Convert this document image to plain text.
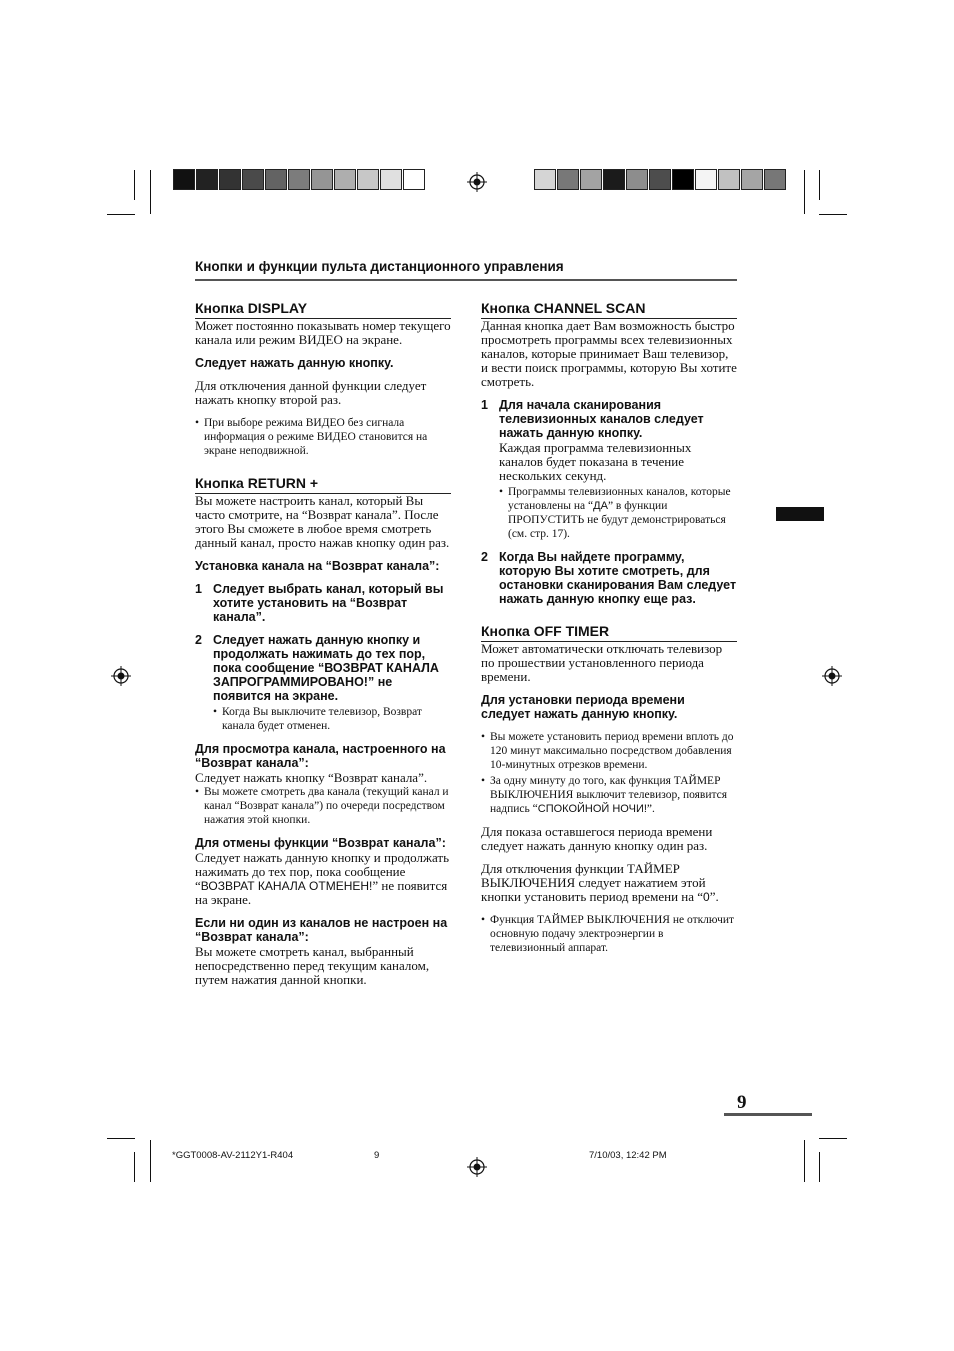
Кнопки и функции пульта дистанционного управления

Кнопка DISPLAY

Может постоянно показывать номер текущего канала или режим ВИДЕО на экране.

Следует нажать данную кнопку.

Для отключения данной функции следует нажать кнопку второй раз.

• При выборе режима ВИДЕО без сигнала информация о режиме ВИДЕО становится на экране неподвижной.

Кнопка RETURN +

Вы можете настроить канал, который Вы часто смотрите, на “Возврат канала”. После этого Вы сможете в любое время смотреть данный канал, просто нажав кнопку один раз.

Установка канала на “Возврат канала”:

1 Следует выбрать канал, который вы хотите установить на “Возврат канала”.
2 Следует нажать данную кнопку и продолжать нажимать до тех пор, пока сообщение “ВОЗВРАТ КАНАЛА ЗАПРОГРАММИРОВАНО!” не появится на экране.
• Когда Вы выключите телевизор, Возврат канала будет отменен.

Для просмотра канала, настроенного на “Возврат канала”:

Следует нажать кнопку “Возврат канала”.

• Вы можете смотреть два канала (текущий канал и канал “Возврат канала”) по очереди посредством нажатия этой кнопки.

Для отмены функции “Возврат канала”:

Следует нажать данную кнопку и продолжать нажимать до тех пор, пока сообщение “ВОЗВРАТ КАНАЛА ОТМЕНЕН!” не появится на экране.

Если ни один из каналов не настроен на “Возврат канала”:

Вы можете смотреть канал, выбранный непосредственно перед текущим каналом, путем нажатия данной кнопки.

Кнопка CHANNEL SCAN

Данная кнопка дает Вам возможность быстро просмотреть программы всех телевизионных каналов, которые принимает Ваш телевизор, и вести поиск программы, которую Вы хотите смотреть.

1 Для начала сканирования телевизионных каналов следует нажать данную кнопку.

Каждая программа телевизионных каналов будет показана в течение нескольких секунд.

• Программы телевизионных каналов, которые установлены на “ДА” в функции ПРОПУСТИТЬ не будут демонстрироваться (см. стр. 17).
2 Когда Вы найдете программу, которую Вы хотите смотреть, для остановки сканирования Вам следует нажать данную кнопку еще раз.

Кнопка OFF TIMER

Может автоматически отключать телевизор по прошествии установленного периода времени.

Для установки периода времени следует нажать данную кнопку.

• Вы можете установить период времени вплоть до 120 минут максимально посредством добавления 10-минутных отрезков времени.
• За одну минуту до того, как функция ТАЙМЕР ВЫКЛЮЧЕНИЯ выключит телевизор, появится надпись “СПОКОЙНОЙ НОЧИ!”.

Для показа оставшегося периода времени следует нажать данную кнопку один раз.

Для отключения функции ТАЙМЕР ВЫКЛЮЧЕНИЯ следует нажатием этой кнопки установить период времени на “0”.

• Функция ТАЙМЕР ВЫКЛЮЧЕНИЯ не отключит основную подачу электроэнергии в телевизионный аппарат.
9
*GGT0008-AV-2112Y1-R404	9	7/10/03, 12:42 PM
